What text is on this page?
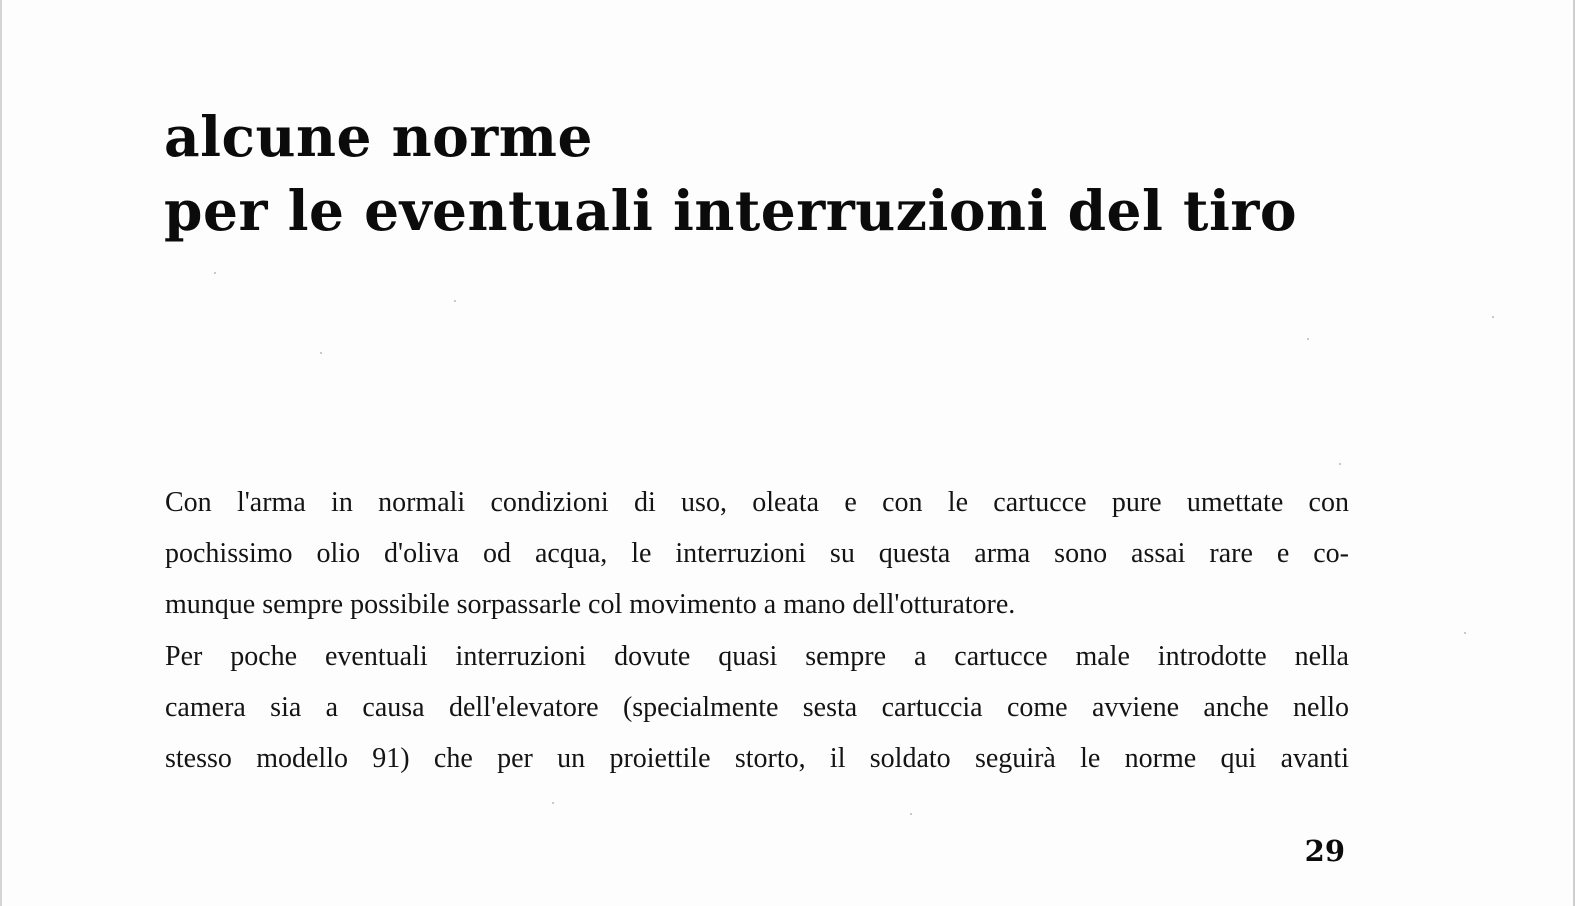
alcune norme
per le eventuali interruzioni del tiro
Con l'arma in normali condizioni di uso, oleata e con le cartucce pure umettate con
pochissimo olio d'oliva od acqua, le interruzioni su questa arma sono assai rare e co-
munque sempre possibile sorpassarle col movimento a mano dell'otturatore.
Per poche eventuali interruzioni dovute quasi sempre a cartucce male introdotte nella
camera sia a causa dell'elevatore (specialmente sesta cartuccia come avviene anche nello
stesso modello 91) che per un proiettile storto, il soldato seguirà le norme qui avanti
29
